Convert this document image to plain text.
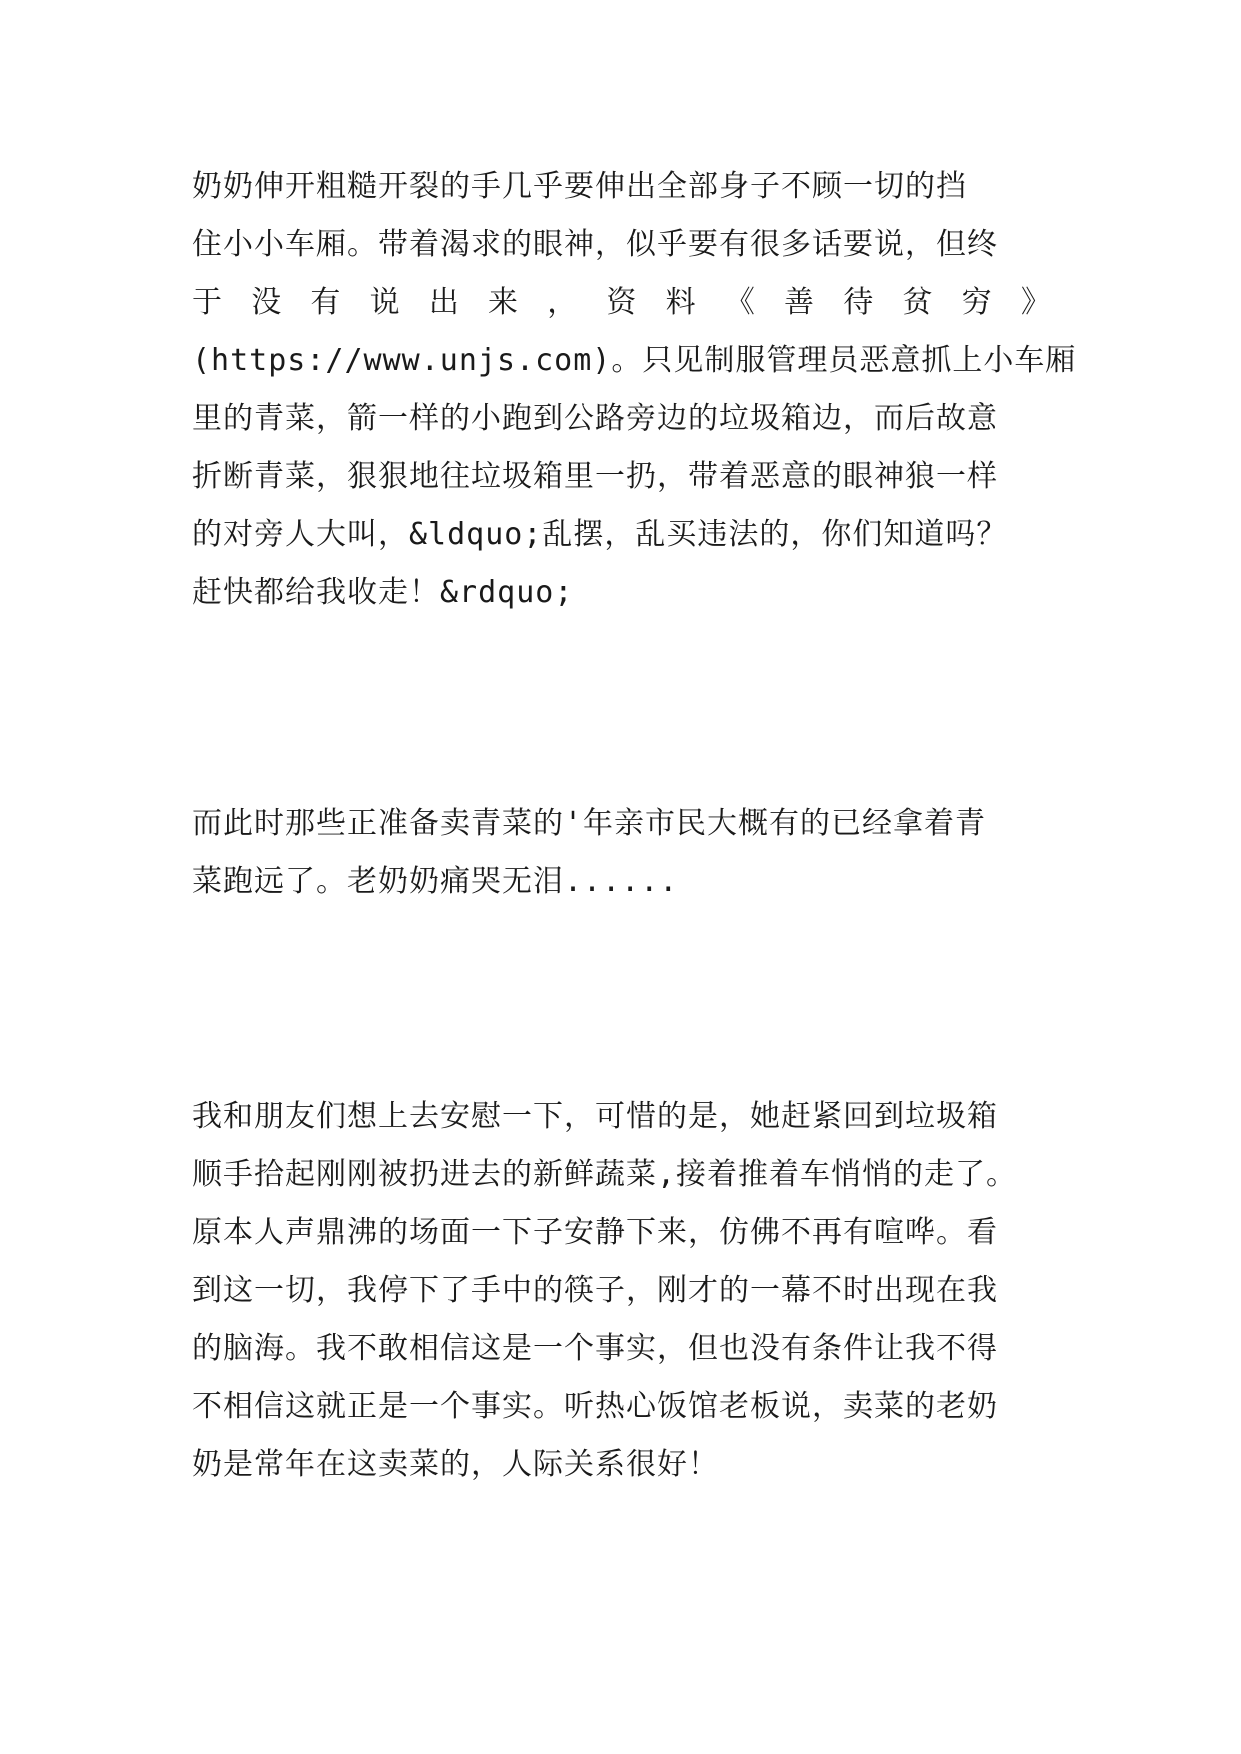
奶奶伸开粗糙开裂的手几乎要伸出全部身子不顾一切的挡
住小小车厢。带着渴求的眼神，似乎要有很多话要说，但终
于 没 有 说 出 来 ， 资 料 《 善 待 贫 穷 》
(https://www.unjs.com)。只见制服管理员恶意抓上小车厢
里的青菜，箭一样的小跑到公路旁边的垃圾箱边，而后故意
折断青菜，狠狠地往垃圾箱里一扔，带着恶意的眼神狼一样
的对旁人大叫，&ldquo;乱摆，乱买违法的，你们知道吗？
赶快都给我收走！&rdquo;
而此时那些正准备卖青菜的'年亲市民大概有的已经拿着青
菜跑远了。老奶奶痛哭无泪......
我和朋友们想上去安慰一下，可惜的是，她赶紧回到垃圾箱
顺手拾起刚刚被扔进去的新鲜蔬菜,接着推着车悄悄的走了。
原本人声鼎沸的场面一下子安静下来，仿佛不再有喧哗。看
到这一切，我停下了手中的筷子，刚才的一幕不时出现在我
的脑海。我不敢相信这是一个事实，但也没有条件让我不得
不相信这就正是一个事实。听热心饭馆老板说，卖菜的老奶
奶是常年在这卖菜的，人际关系很好！
